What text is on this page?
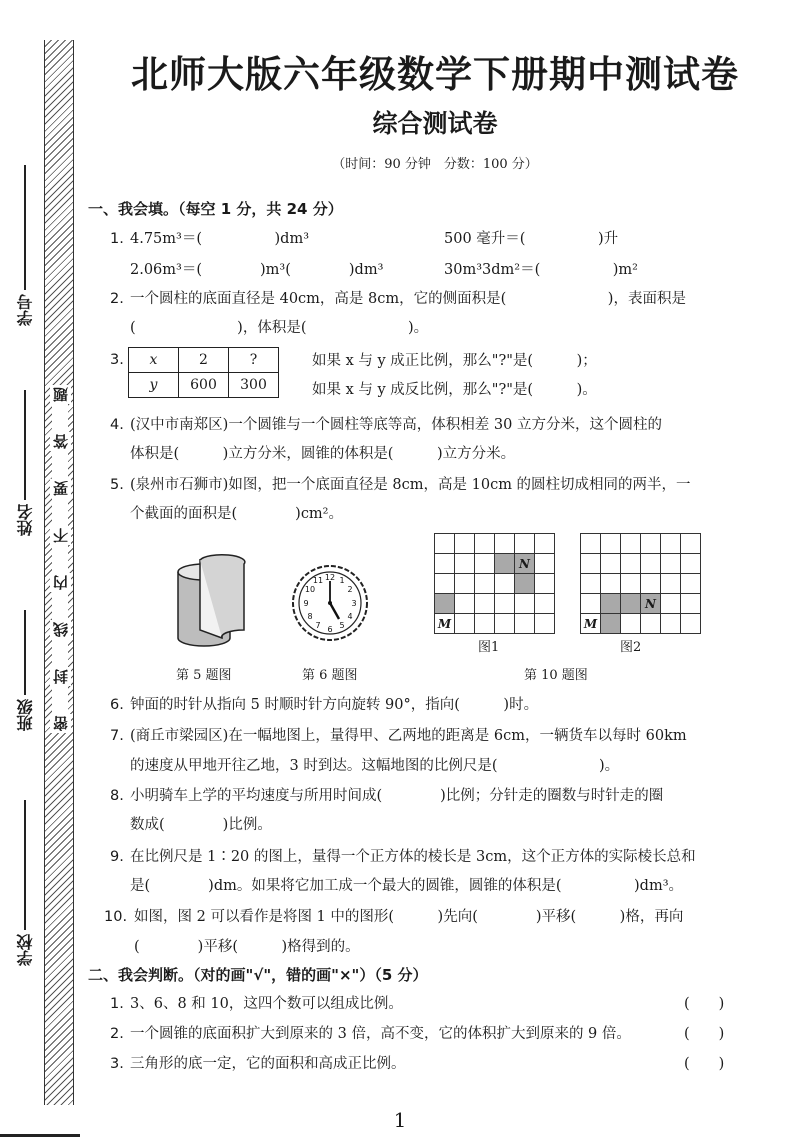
题
答
要
不
内
线
封
密
学号
姓名
班级
学校
北师大版六年级数学下册期中测试卷
综合测试卷
（时间：90 分钟　分数：100 分）
一、我会填。（每空 1 分，共 24 分）
1. 4.75m³＝(　　　　　)dm³	500 毫升＝(　　　　　)升
2.06m³＝(　　　　)m³(　　　　)dm³	30m³3dm²＝(　　　　　)m²
2. 一个圆柱的底面直径是 40cm，高是 8cm，它的侧面积是(　　　　　　　)，表面积是
(　　　　　　　)，体积是(　　　　　　　)。
3. x	2	?
y	600	300
如果 x 与 y 成正比例，那么"?"是(　　　)；
如果 x 与 y 成反比例，那么"?"是(　　　)。
4. (汉中市南郑区)一个圆锥与一个圆柱等底等高，体积相差 30 立方分米，这个圆柱的
体积是(　　　)立方分米，圆锥的体积是(　　　)立方分米。
5. (泉州市石狮市)如图，把一个底面直径是 8cm，高是 10cm 的圆柱切成相同的两半，一
个截面的面积是(　　　　)cm²。
第 5 题图
12 1
2
3
4
5
6
7
8
9
10
11
第 6 题图

				N	

M					
图1

			N		
M					
图2
第 10 题图
6. 钟面的时针从指向 5 时顺时针方向旋转 90°，指向(　　　)时。
7. (商丘市梁园区)在一幅地图上，量得甲、乙两地的距离是 6cm，一辆货车以每时 60km
的速度从甲地开往乙地，3 时到达。这幅地图的比例尺是(　　　　　　　)。
8. 小明骑车上学的平均速度与所用时间成(　　　　)比例；分针走的圈数与时针走的圈
数成(　　　　)比例。
9. 在比例尺是 1∶20 的图上，量得一个正方体的棱长是 3cm，这个正方体的实际棱长总和
是(　　　　)dm。如果将它加工成一个最大的圆锥，圆锥的体积是(　　　　　)dm³。
10. 如图，图 2 可以看作是将图 1 中的图形(　　　)先向(　　　　)平移(　　　)格，再向
(　　　　)平移(　　　)格得到的。
二、我会判断。（对的画"√"，错的画"×"）（5 分）
1. 3、6、8 和 10，这四个数可以组成比例。	(　　)
2. 一个圆锥的底面积扩大到原来的 3 倍，高不变，它的体积扩大到原来的 9 倍。	(　　)
3. 三角形的底一定，它的面积和高成正比例。	(　　)
1
